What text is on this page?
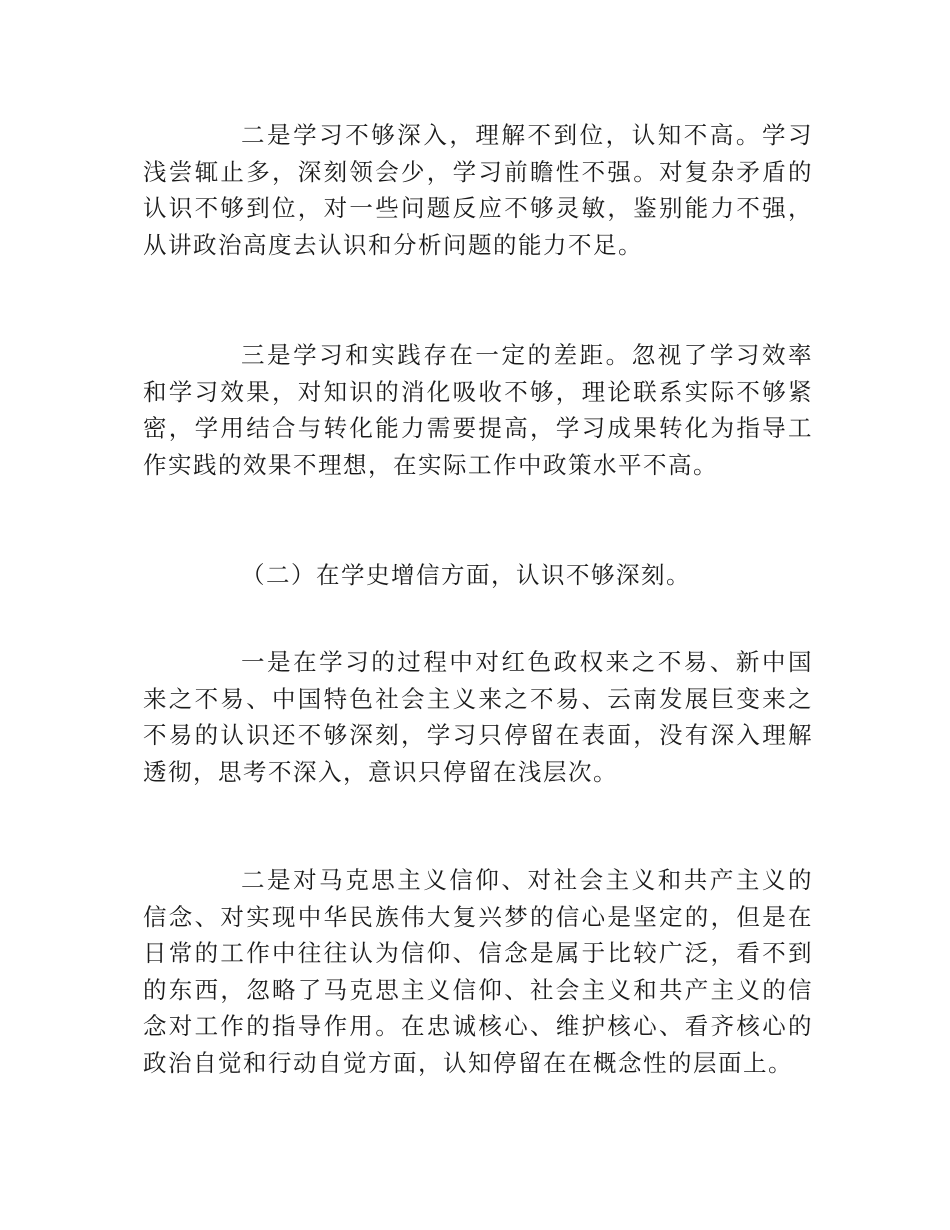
二是学习不够深入，理解不到位，认知不高。学习浅尝辄止多，深刻领会少，学习前瞻性不强。对复杂矛盾的认识不够到位，对一些问题反应不够灵敏，鉴别能力不强，从讲政治高度去认识和分析问题的能力不足。

三是学习和实践存在一定的差距。忽视了学习效率和学习效果，对知识的消化吸收不够，理论联系实际不够紧密，学用结合与转化能力需要提高，学习成果转化为指导工作实践的效果不理想，在实际工作中政策水平不高。

（二）在学史增信方面，认识不够深刻。

一是在学习的过程中对红色政权来之不易、新中国来之不易、中国特色社会主义来之不易、云南发展巨变来之不易的认识还不够深刻，学习只停留在表面，没有深入理解透彻，思考不深入，意识只停留在浅层次。

二是对马克思主义信仰、对社会主义和共产主义的信念、对实现中华民族伟大复兴梦的信心是坚定的，但是在日常的工作中往往认为信仰、信念是属于比较广泛，看不到的东西，忽略了马克思主义信仰、社会主义和共产主义的信念对工作的指导作用。在忠诚核心、维护核心、看齐核心的政治自觉和行动自觉方面，认知停留在在概念性的层面上。
